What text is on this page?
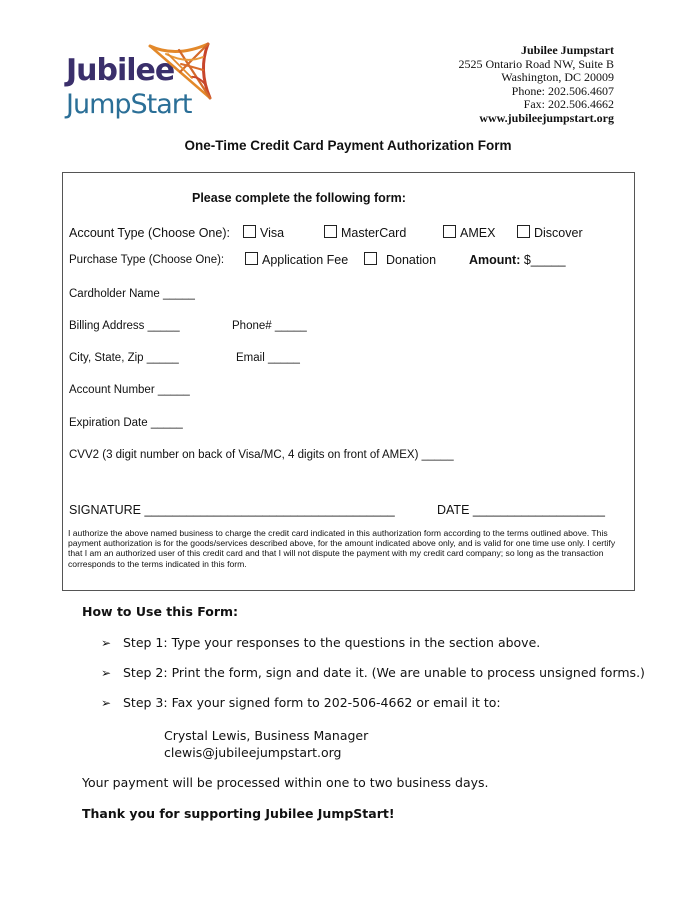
Jubilee
JumpStart
Jubilee Jumpstart
2525 Ontario Road NW, Suite B
Washington, DC 20009
Phone: 202.506.4607
Fax: 202.506.4662
www.jubileejumpstart.org
One-Time Credit Card Payment Authorization Form
Please complete the following form:
Account Type (Choose One):	Visa	MasterCard	AMEX	Discover
Purchase Type (Choose One):	Application Fee	Donation	Amount: $_____
Cardholder Name _____
Billing Address _____	Phone# _____
City, State, Zip _____	Email _____
Account Number _____
Expiration Date _____
CVV2 (3 digit number on back of Visa/MC, 4 digits on front of AMEX) _____
SIGNATURE ____________________________________	DATE ___________________
I authorize the above named business to charge the credit card indicated in this authorization form according to the terms outlined above. This payment authorization is for the goods/services described above, for the amount indicated above only, and is valid for one time use only. I certify that I am an authorized user of this credit card and that I will not dispute the payment with my credit card company; so long as the transaction corresponds to the terms indicated in this form.
How to Use this Form:
➢ Step 1: Type your responses to the questions in the section above.
➢ Step 2: Print the form, sign and date it. (We are unable to process unsigned forms.)
➢ Step 3: Fax your signed form to 202-506-4662 or email it to:
Crystal Lewis, Business Manager
clewis@jubileejumpstart.org
Your payment will be processed within one to two business days.
Thank you for supporting Jubilee JumpStart!
